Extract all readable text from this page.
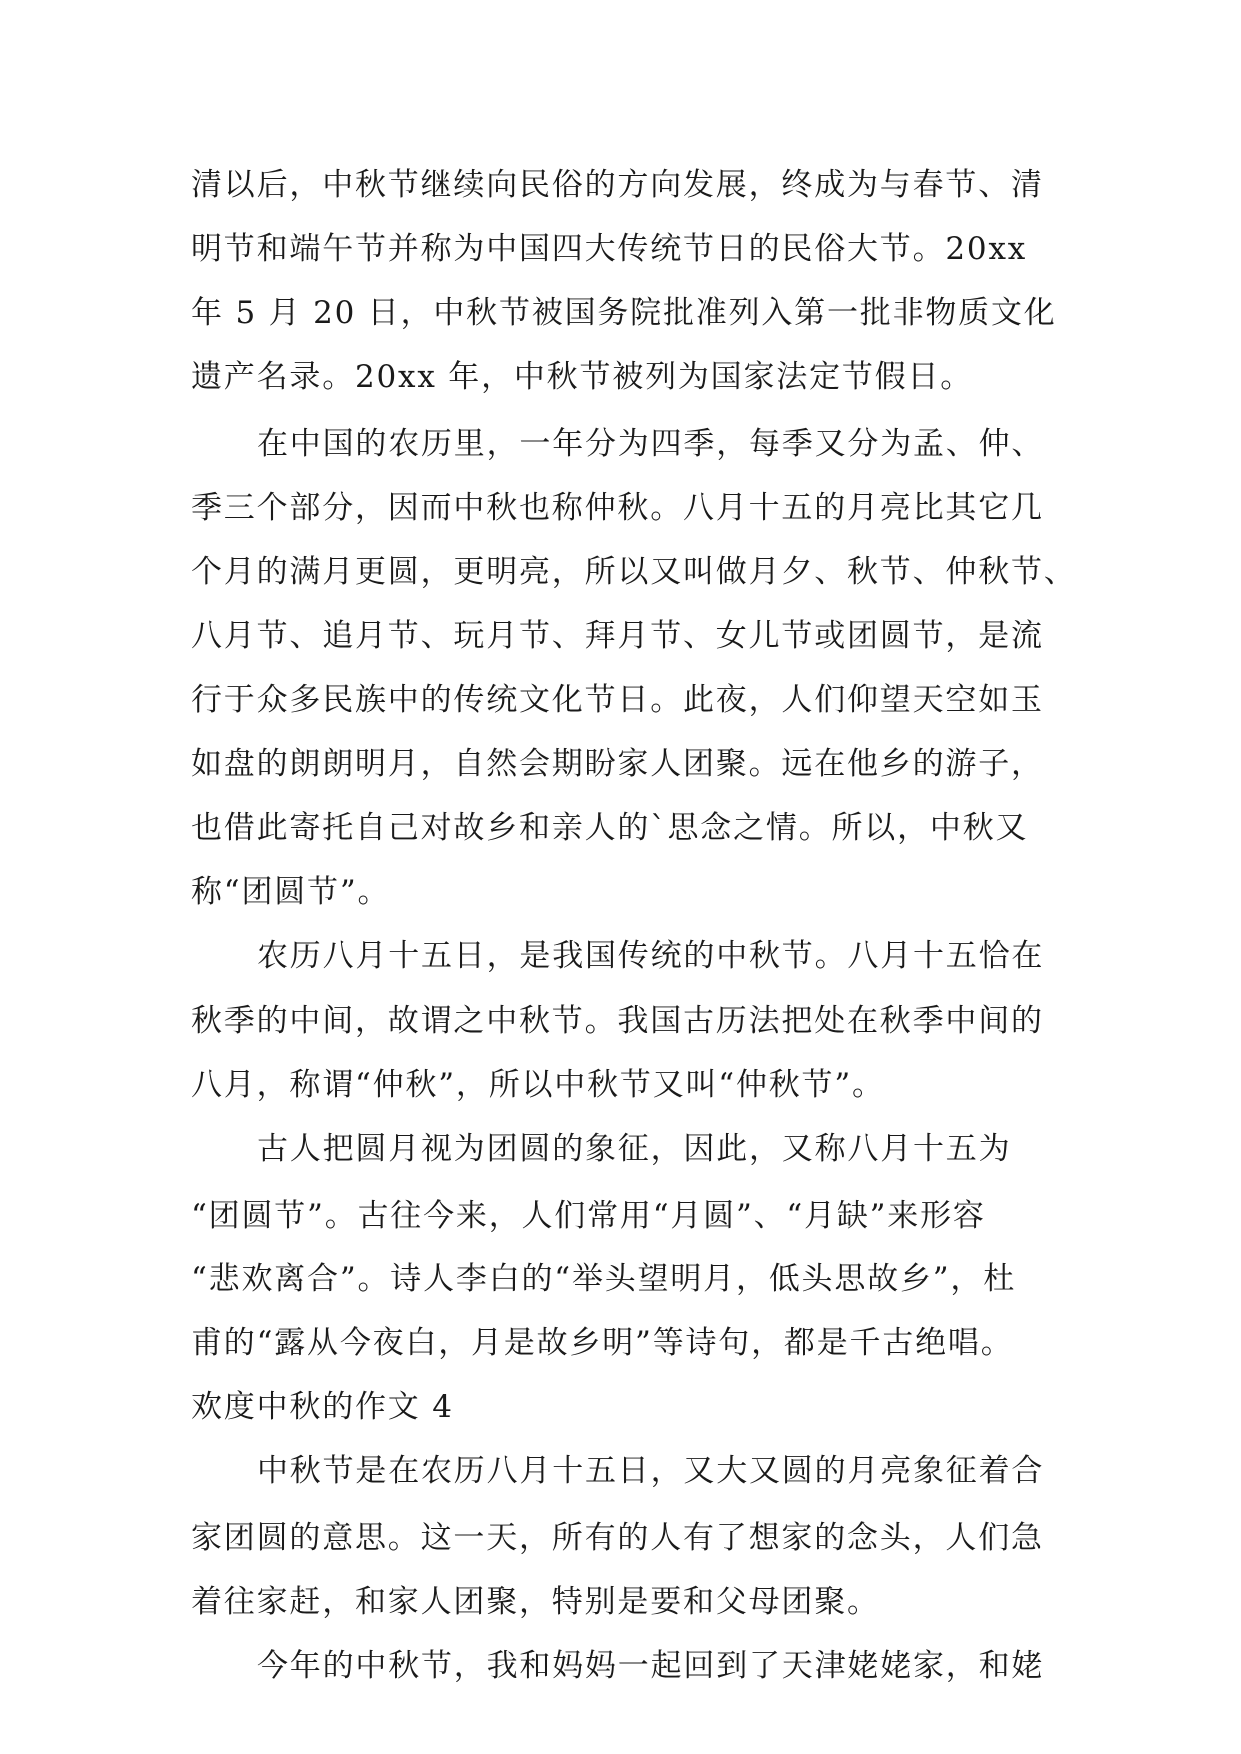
清以后，中秋节继续向民俗的方向发展，终成为与春节、清

明节和端午节并称为中国四大传统节日的民俗大节。20xx

年 5 月 20 日，中秋节被国务院批准列入第一批非物质文化

遗产名录。20xx 年，中秋节被列为国家法定节假日。

在中国的农历里，一年分为四季，每季又分为孟、仲、

季三个部分，因而中秋也称仲秋。八月十五的月亮比其它几

个月的满月更圆，更明亮，所以又叫做月夕、秋节、仲秋节、

八月节、追月节、玩月节、拜月节、女儿节或团圆节，是流

行于众多民族中的传统文化节日。此夜，人们仰望天空如玉

如盘的朗朗明月，自然会期盼家人团聚。远在他乡的游子，

也借此寄托自己对故乡和亲人的`思念之情。所以，中秋又

称“团圆节”。

农历八月十五日，是我国传统的中秋节。八月十五恰在

秋季的中间，故谓之中秋节。我国古历法把处在秋季中间的

八月，称谓“仲秋”，所以中秋节又叫“仲秋节”。

古人把圆月视为团圆的象征，因此，又称八月十五为

“团圆节”。古往今来，人们常用“月圆”、“月缺”来形容

“悲欢离合”。诗人李白的“举头望明月，低头思故乡”，杜

甫的“露从今夜白，月是故乡明”等诗句，都是千古绝唱。

欢度中秋的作文 4

中秋节是在农历八月十五日，又大又圆的月亮象征着合

家团圆的意思。这一天，所有的人有了想家的念头，人们急

着往家赶，和家人团聚，特别是要和父母团聚。

今年的中秋节，我和妈妈一起回到了天津姥姥家，和姥
